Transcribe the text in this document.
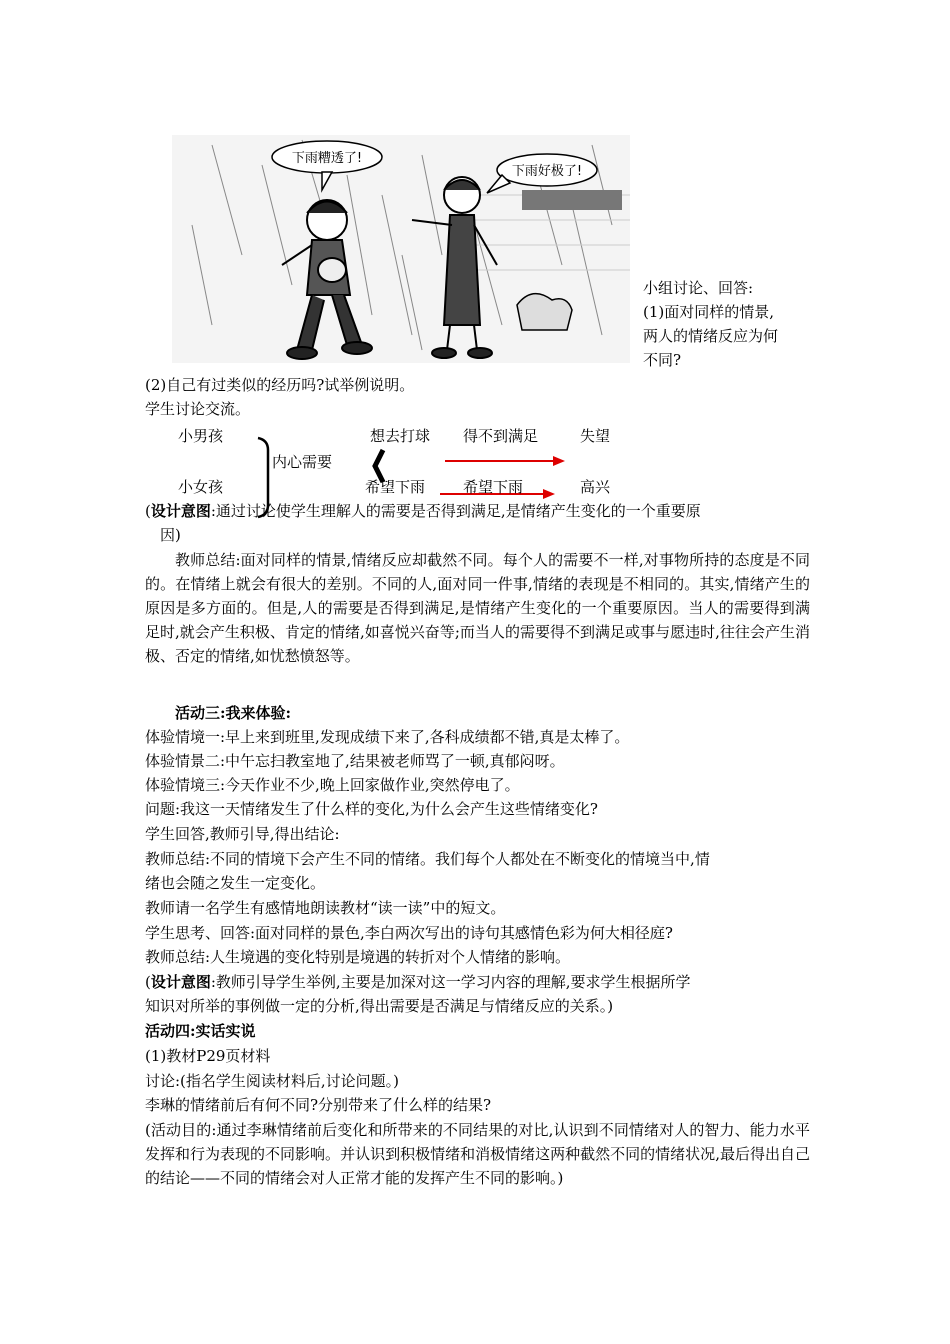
下雨糟透了!
下雨好极了!
小组讨论、回答:
(1)面对同样的情景,
两人的情绪反应为何
不同?
(2)自己有过类似的经历吗?试举例说明。
学生讨论交流。
小男孩	想去打球 得不到满足	失望
内心需要
小女孩	希望下雨	希望下雨	高兴
(设计意图:通过讨论使学生理解人的需要是否得到满足,是情绪产生变化的一个重要原
因)
教师总结:面对同样的情景,情绪反应却截然不同。每个人的需要不一样,对事物所持的态度是不同的。在情绪上就会有很大的差别。不同的人,面对同一件事,情绪的表现是不相同的。其实,情绪产生的原因是多方面的。但是,人的需要是否得到满足,是情绪产生变化的一个重要原因。当人的需要得到满足时,就会产生积极、肯定的情绪,如喜悦兴奋等;而当人的需要得不到满足或事与愿违时,往往会产生消极、否定的情绪,如忧愁愤怒等。
活动三:我来体验:
体验情境一:早上来到班里,发现成绩下来了,各科成绩都不错,真是太棒了。
体验情景二:中午忘扫教室地了,结果被老师骂了一顿,真郁闷呀。
体验情境三:今天作业不少,晚上回家做作业,突然停电了。
问题:我这一天情绪发生了什么样的变化,为什么会产生这些情绪变化?
学生回答,教师引导,得出结论:
教师总结:不同的情境下会产生不同的情绪。我们每个人都处在不断变化的情境当中,情
绪也会随之发生一定变化。
教师请一名学生有感情地朗读教材“读一读”中的短文。
学生思考、回答:面对同样的景色,李白两次写出的诗句其感情色彩为何大相径庭?
教师总结:人生境遇的变化特别是境遇的转折对个人情绪的影响。
(设计意图:教师引导学生举例,主要是加深对这一学习内容的理解,要求学生根据所学
知识对所举的事例做一定的分析,得出需要是否满足与情绪反应的关系。)
活动四:实话实说
(1)教材P29页材料
讨论:(指名学生阅读材料后,讨论问题。)
李琳的情绪前后有何不同?分别带来了什么样的结果?
(活动目的:通过李琳情绪前后变化和所带来的不同结果的对比,认识到不同情绪对人的智力、能力水平发挥和行为表现的不同影响。并认识到积极情绪和消极情绪这两种截然不同的情绪状况,最后得出自己的结论——不同的情绪会对人正常才能的发挥产生不同的影响。)
